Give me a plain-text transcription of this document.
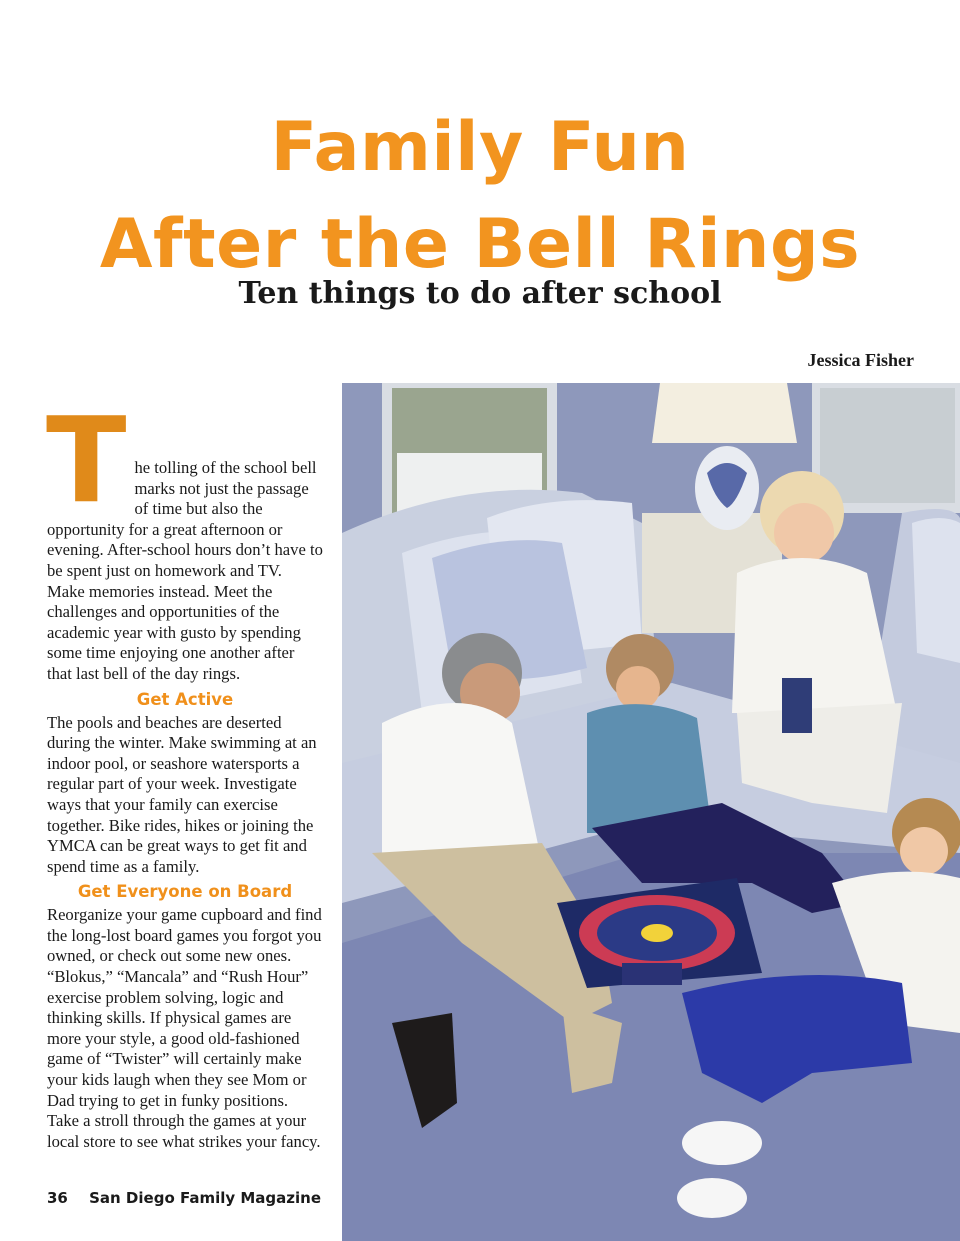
Family Fun
After the Bell Rings
Ten things to do after school
Jessica Fisher
T he tolling of the school bell marks not just the passage of time but also the opportunity for a great afternoon or evening. After-school hours don’t have to be spent just on homework and TV. Make memories instead. Meet the challenges and opportunities of the academic year with gusto by spending some time enjoying one another after that last bell of the day rings.

Get Active

The pools and beaches are deserted during the winter. Make swimming at an indoor pool, or seashore watersports a regular part of your week. Investigate ways that your family can exercise together. Bike rides, hikes or joining the YMCA can be great ways to get fit and spend time as a family.

Get Everyone on Board

Reorganize your game cupboard and find the long-lost board games you forgot you owned, or check out some new ones. “Blokus,” “Mancala” and “Rush Hour” exercise problem solving, logic and thinking skills. If physical games are more your style, a good old-fashioned game of “Twister” will certainly make your kids laugh when they see Mom or Dad trying to get in funky positions. Take a stroll through the games at your local store to see what strikes your fancy.

36 San Diego Family Magazine
